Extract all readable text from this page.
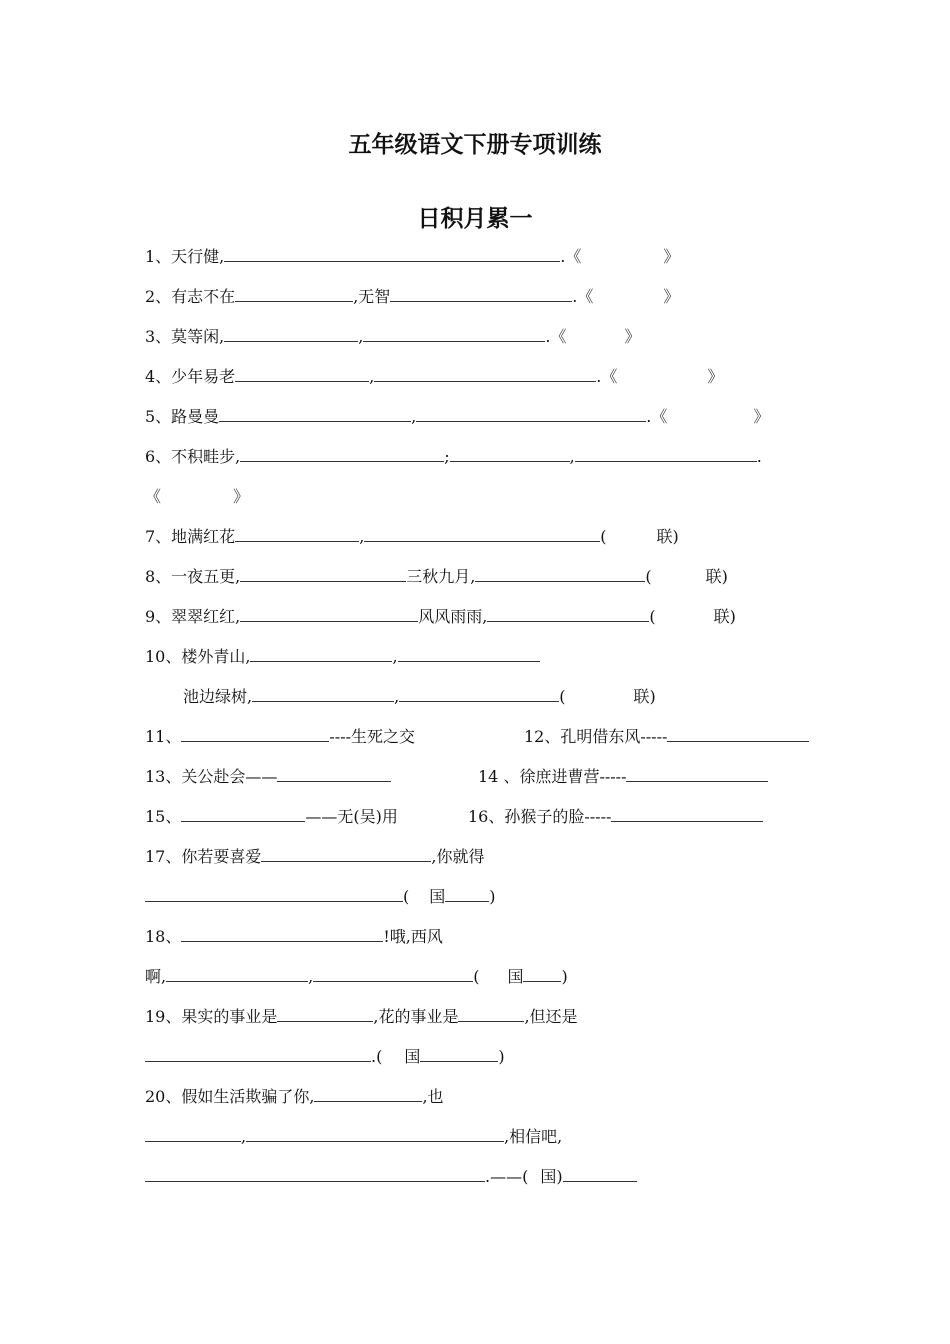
五年级语文下册专项训练
日积月累一
1、天行健,	.《	》
2、有志不在	,无智	.《	》
3、莫等闲,	,	.《	》
4、少年易老	,	.《	》
5、路曼曼	,	.《	》
6、不积畦步,	;	,	.
《	》
7、地满红花	,	(	联)
8、一夜五更,	三秋九月,	(	联)
9、翠翠红红,	风风雨雨,	(	联)
10、楼外青山,	,
池边绿树,	,	(	联)
11、	----生死之交	12、孔明借东风-----
13、关公赴会——	14 、徐庶进曹营-----
15、	——无(吴)用	16、孙猴子的脸-----
17、你若要喜爱	,你就得
( 国	)
18、	!哦,西风
啊,	,	( 国 )
19、果实的事业是	,花的事业是	,但还是
.( 国	)
20、假如生活欺骗了你,	,也
,	,相信吧,
.——( 国)
